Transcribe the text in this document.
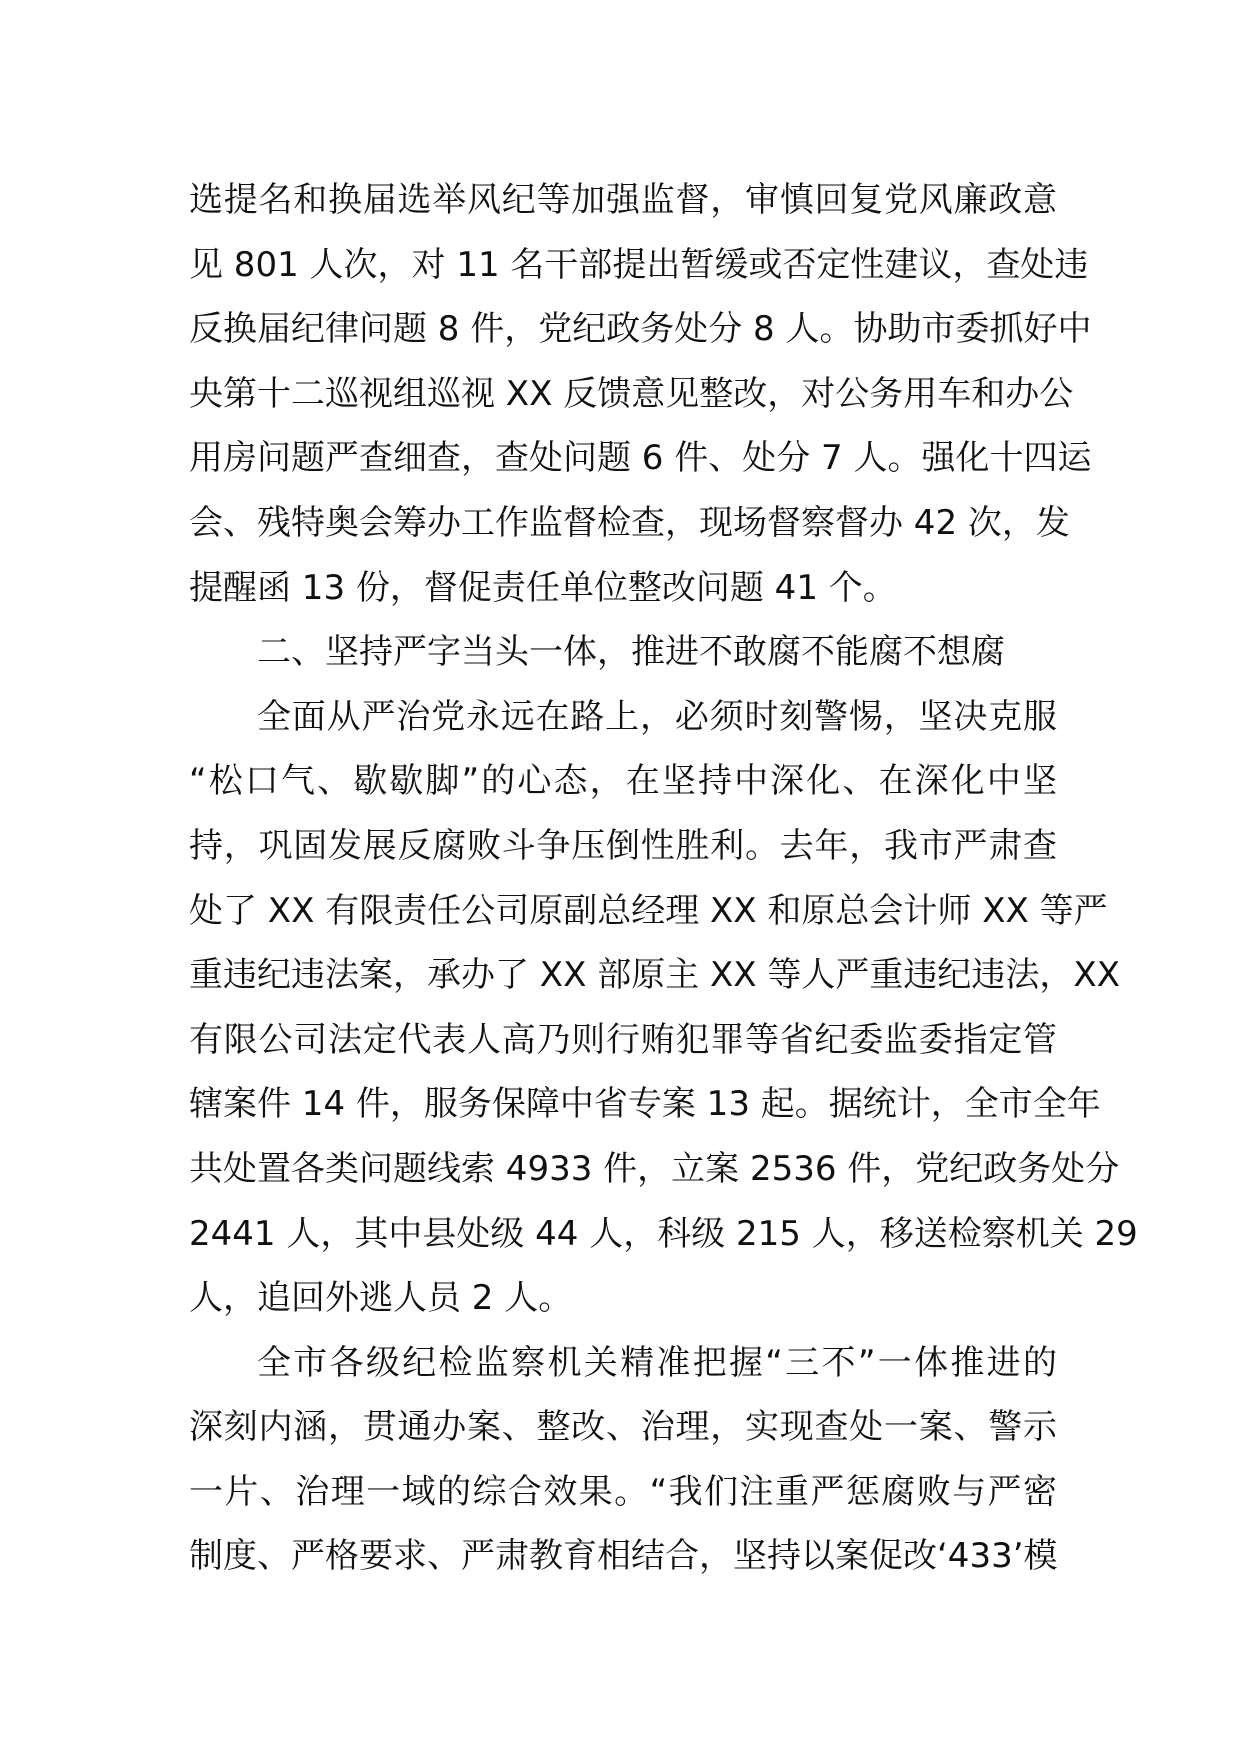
选提名和换届选举风纪等加强监督，审慎回复党风廉政意
见 801 人次，对 11 名干部提出暂缓或否定性建议，查处违
反换届纪律问题 8 件，党纪政务处分 8 人。协助市委抓好中
央第十二巡视组巡视 XX 反馈意见整改，对公务用车和办公
用房问题严查细查，查处问题 6 件、处分 7 人。强化十四运
会、残特奥会筹办工作监督检查，现场督察督办 42 次，发
提醒函 13 份，督促责任单位整改问题 41 个。
二、坚持严字当头一体，推进不敢腐不能腐不想腐
全面从严治党永远在路上，必须时刻警惕，坚决克服
“松口气、歇歇脚”的心态，在坚持中深化、在深化中坚
持，巩固发展反腐败斗争压倒性胜利。去年，我市严肃查
处了 XX 有限责任公司原副总经理 XX 和原总会计师 XX 等严
重违纪违法案，承办了 XX 部原主 XX 等人严重违纪违法，XX
有限公司法定代表人高乃则行贿犯罪等省纪委监委指定管
辖案件 14 件，服务保障中省专案 13 起。据统计，全市全年
共处置各类问题线索 4933 件，立案 2536 件，党纪政务处分
2441 人，其中县处级 44 人，科级 215 人，移送检察机关 29
人，追回外逃人员 2 人。
全市各级纪检监察机关精准把握“三不”一体推进的
深刻内涵，贯通办案、整改、治理，实现查处一案、警示
一片、治理一域的综合效果。“我们注重严惩腐败与严密
制度、严格要求、严肃教育相结合，坚持以案促改‘433’模
